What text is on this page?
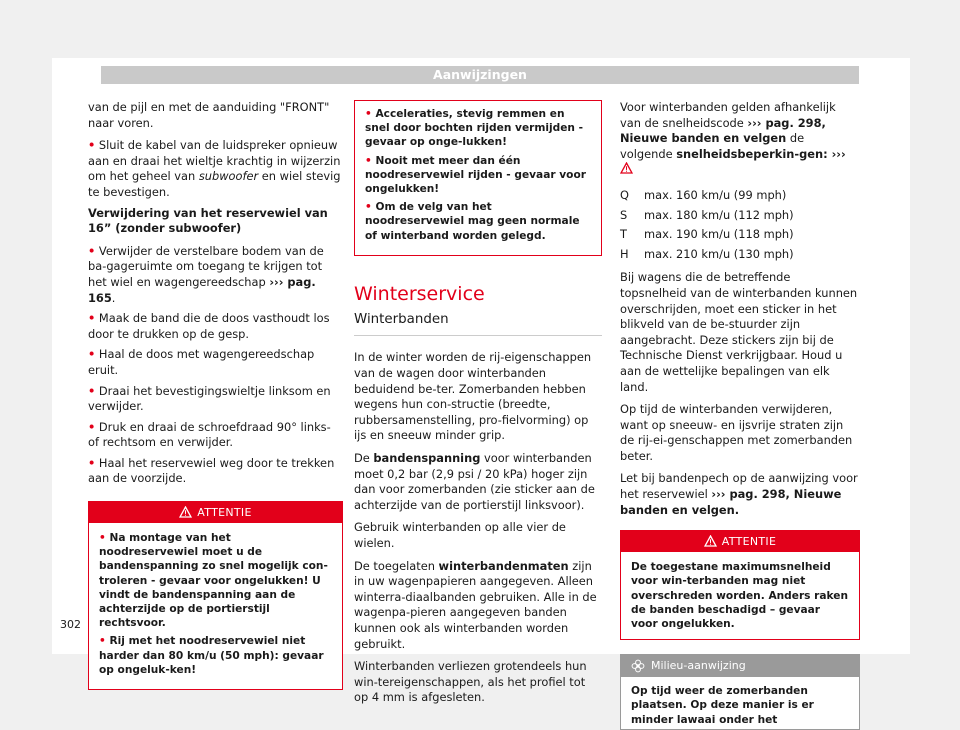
Aanwijzingen

van de pijl en met de aanduiding "FRONT" naar voren.

• Sluit de kabel van de luidspreker opnieuw aan en draai het wieltje krachtig in wijzerzin om het geheel van subwoofer en wiel stevig te bevestigen.

Verwijdering van het reservewiel van 16” (zonder subwoofer)

• Verwijder de verstelbare bodem van de ba-gageruimte om toegang te krijgen tot het wiel en wagengereedschap ››› pag. 165.

• Maak de band die de doos vasthoudt los door te drukken op de gesp.

• Haal de doos met wagengereedschap eruit.

• Draai het bevestigingswieltje linksom en verwijder.

• Druk en draai de schroefdraad 90° links- of rechtsom en verwijder.

• Haal het reservewiel weg door te trekken aan de voorzijde.

ATTENTIE

• Na montage van het noodreservewiel moet u de bandenspanning zo snel mogelijk con-troleren - gevaar voor ongelukken! U vindt de bandenspanning aan de achterzijde op de portierstijl rechtsvoor.

• Rij met het noodreservewiel niet harder dan 80 km/u (50 mph): gevaar op ongeluk-ken!

• Acceleraties, stevig remmen en snel door bochten rijden vermijden - gevaar op onge-lukken!

• Nooit met meer dan één noodreservewiel rijden - gevaar voor ongelukken!

• Om de velg van het noodreservewiel mag geen normale of winterband worden gelegd.

Winterservice
Winterbanden

In de winter worden de rij-eigenschappen van de wagen door winterbanden beduidend be-ter. Zomerbanden hebben wegens hun con-structie (breedte, rubbersamenstelling, pro-fielvorming) op ijs en sneeuw minder grip.

De bandenspanning voor winterbanden moet 0,2 bar (2,9 psi / 20 kPa) hoger zijn dan voor zomerbanden (zie sticker aan de achterzijde van de portierstijl linksvoor).

Gebruik winterbanden op alle vier de wielen.

De toegelaten winterbandenmaten zijn in uw wagenpapieren aangegeven. Alleen winterra-diaalbanden gebruiken. Alle in de wagenpa-pieren aangegeven banden kunnen ook als winterbanden worden gebruikt.

Winterbanden verliezen grotendeels hun win-tereigenschappen, als het profiel tot op 4 mm is afgesleten.

Voor winterbanden gelden afhankelijk van de snelheidscode ››› pag. 298, Nieuwe banden en velgen de volgende snelheidsbeperkin-gen: ›››

Q	max. 160 km/u (99 mph)
S	max. 180 km/u (112 mph)
T	max. 190 km/u (118 mph)
H	max. 210 km/u (130 mph)

Bij wagens die de betreffende topsnelheid van de winterbanden kunnen overschrijden, moet een sticker in het blikveld van de be-stuurder zijn aangebracht. Deze stickers zijn bij de Technische Dienst verkrijgbaar. Houd u aan de wettelijke bepalingen van elk land.

Op tijd de winterbanden verwijderen, want op sneeuw- en ijsvrije straten zijn de rij-ei-genschappen met zomerbanden beter.

Let bij bandenpech op de aanwijzing voor het reservewiel ››› pag. 298, Nieuwe banden en velgen.

ATTENTIE
De toegestane maximumsnelheid voor win-terbanden mag niet overschreden worden. Anders raken de banden beschadigd – gevaar voor ongelukken.
Milieu-aanwijzing
Op tijd weer de zomerbanden plaatsen. Op deze manier is er minder lawaai onder het
302
